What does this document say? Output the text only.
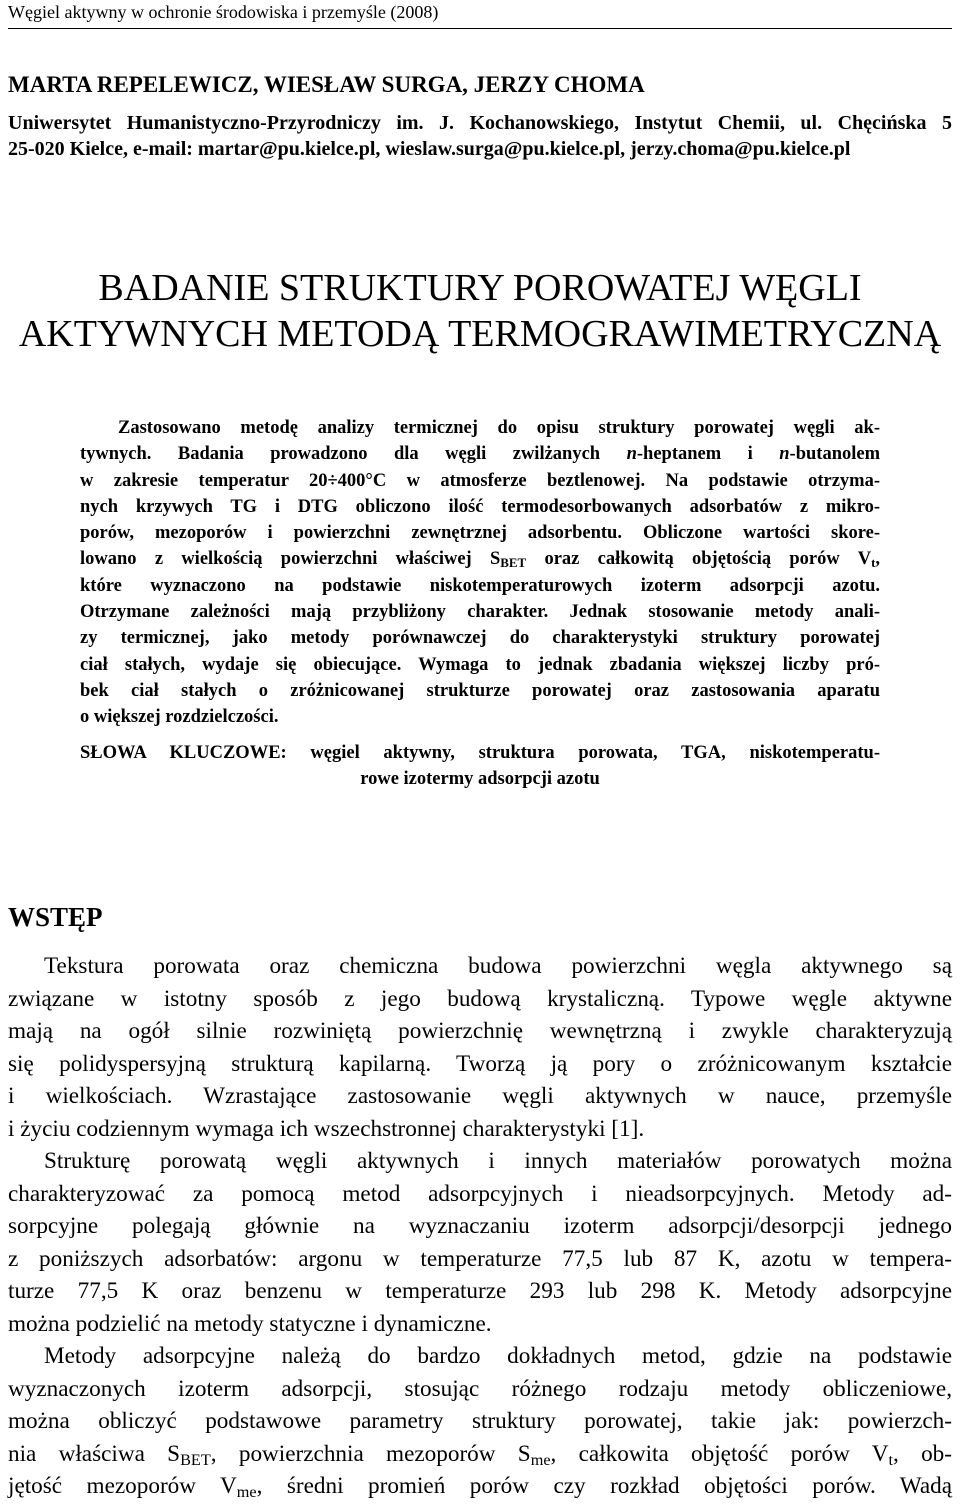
Węgiel aktywny w ochronie środowiska i przemyśle (2008)
MARTA REPELEWICZ, WIESŁAW SURGA, JERZY CHOMA
Uniwersytet Humanistyczno-Przyrodniczy im. J. Kochanowskiego, Instytut Chemii, ul. Chęcińska 5
25-020 Kielce, e-mail: martar@pu.kielce.pl, wieslaw.surga@pu.kielce.pl, jerzy.choma@pu.kielce.pl
BADANIE STRUKTURY POROWATEJ WĘGLI
AKTYWNYCH METODĄ TERMOGRAWIMETRYCZNĄ
Zastosowano metodę analizy termicznej do opisu struktury porowatej węgli ak-
tywnych. Badania prowadzono dla węgli zwilżanych n-heptanem i n-butanolem
w zakresie temperatur 20÷400°C w atmosferze beztlenowej. Na podstawie otrzyma-
nych krzywych TG i DTG obliczono ilość termodesorbowanych adsorbatów z mikro-
porów, mezoporów i powierzchni zewnętrznej adsorbentu. Obliczone wartości skore-
lowano z wielkością powierzchni właściwej $S_{BET}$ oraz całkowitą objętością porów $V_t$,
które wyznaczono na podstawie niskotemperaturowych izoterm adsorpcji azotu.
Otrzymane zależności mają przybliżony charakter. Jednak stosowanie metody anali-
zy termicznej, jako metody porównawczej do charakterystyki struktury porowatej
ciał stałych, wydaje się obiecujące. Wymaga to jednak zbadania większej liczby pró-
bek ciał stałych o zróżnicowanej strukturze porowatej oraz zastosowania aparatu
o większej rozdzielczości.
SŁOWA KLUCZOWE: węgiel aktywny, struktura porowata, TGA, niskotemperatu-
rowe izotermy adsorpcji azotu
WSTĘP
Tekstura porowata oraz chemiczna budowa powierzchni węgla aktywnego są
związane w istotny sposób z jego budową krystaliczną. Typowe węgle aktywne
mają na ogół silnie rozwiniętą powierzchnię wewnętrzną i zwykle charakteryzują
się polidyspersyjną strukturą kapilarną. Tworzą ją pory o zróżnicowanym kształcie
i wielkościach. Wzrastające zastosowanie węgli aktywnych w nauce, przemyśle
i życiu codziennym wymaga ich wszechstronnej charakterystyki [1].
Strukturę porowatą węgli aktywnych i innych materiałów porowatych można
charakteryzować za pomocą metod adsorpcyjnych i nieadsorpcyjnych. Metody ad-
sorpcyjne polegają głównie na wyznaczaniu izoterm adsorpcji/desorpcji jednego
z poniższych adsorbatów: argonu w temperaturze 77,5 lub 87 K, azotu w tempera-
turze 77,5 K oraz benzenu w temperaturze 293 lub 298 K. Metody adsorpcyjne
można podzielić na metody statyczne i dynamiczne.
Metody adsorpcyjne należą do bardzo dokładnych metod, gdzie na podstawie
wyznaczonych izoterm adsorpcji, stosując różnego rodzaju metody obliczeniowe,
można obliczyć podstawowe parametry struktury porowatej, takie jak: powierzch-
nia właściwa $S_{BET}$, powierzchnia mezoporów $S_{me}$, całkowita objętość porów $V_t$, ob-
jętość mezoporów $V_{me}$, średni promień porów czy rozkład objętości porów. Wadą
